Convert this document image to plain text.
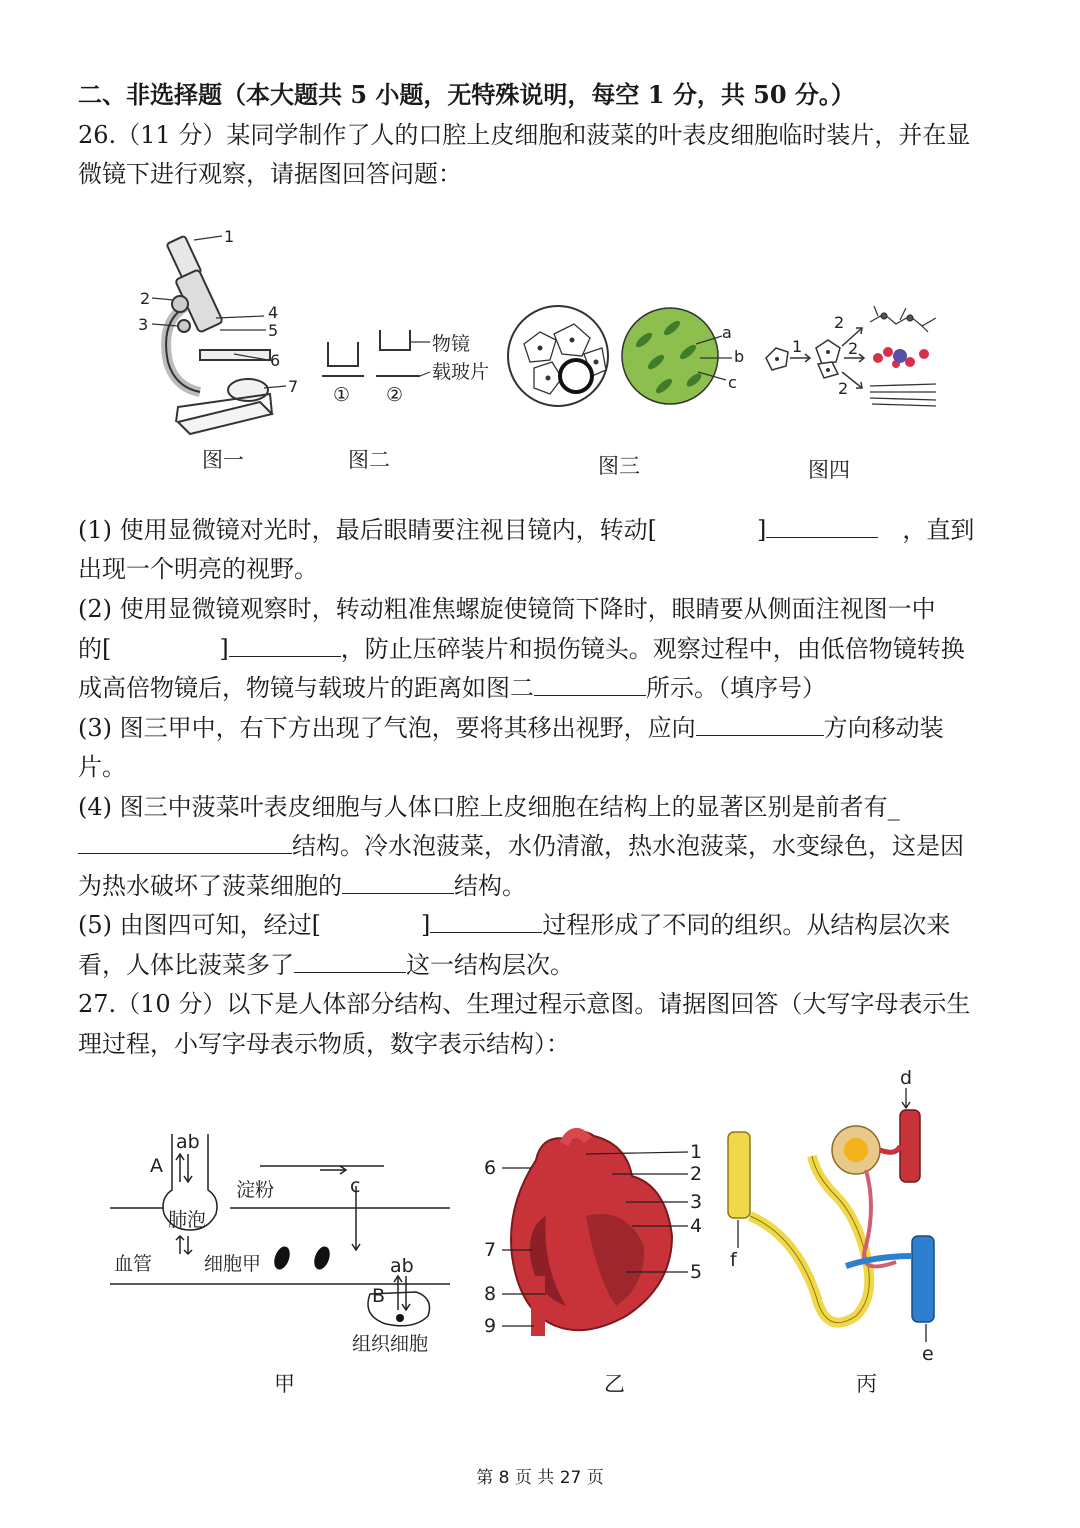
二、非选择题（本大题共 5 小题，无特殊说明，每空 1 分，共 50 分。）
26.（11 分）某同学制作了人的口腔上皮细胞和菠菜的叶表皮细胞临时装片，并在显
微镜下进行观察，请据图回答问题：
1
2
3
4
5
6
7
图一
物镜
载玻片
① ②
图二
a
b
c
图三
1
2
2
2
图四
(1) 使用显微镜对光时，最后眼睛要注视目镜内，转动[	]	，直到
出现一个明亮的视野。
(2) 使用显微镜观察时，转动粗准焦螺旋使镜筒下降时，眼睛要从侧面注视图一中
的[	]	，防止压碎装片和损伤镜头。观察过程中，由低倍物镜转换
成高倍物镜后，物镜与载玻片的距离如图二	所示。（填序号）
(3) 图三甲中，右下方出现了气泡，要将其移出视野，应向	方向移动装
片。
(4) 图三中菠菜叶表皮细胞与人体口腔上皮细胞在结构上的显著区别是前者有_
结构。冷水泡菠菜，水仍清澈，热水泡菠菜，水变绿色，这是因
为热水破坏了菠菜细胞的	结构。
(5) 由图四可知，经过[	]	过程形成了不同的组织。从结构层次来
看，人体比菠菜多了	这一结构层次。
27.（10 分）以下是人体部分结构、生理过程示意图。请据图回答（大写字母表示生
理过程，小写字母表示物质，数字表示结构）：
ab
A
淀粉	c
肺泡
血管	细胞甲	ab
B
组织细胞
甲
1
2
3
4
5
6
7
8
9
乙
d
f
e
丙
第 8 页 共 27 页
